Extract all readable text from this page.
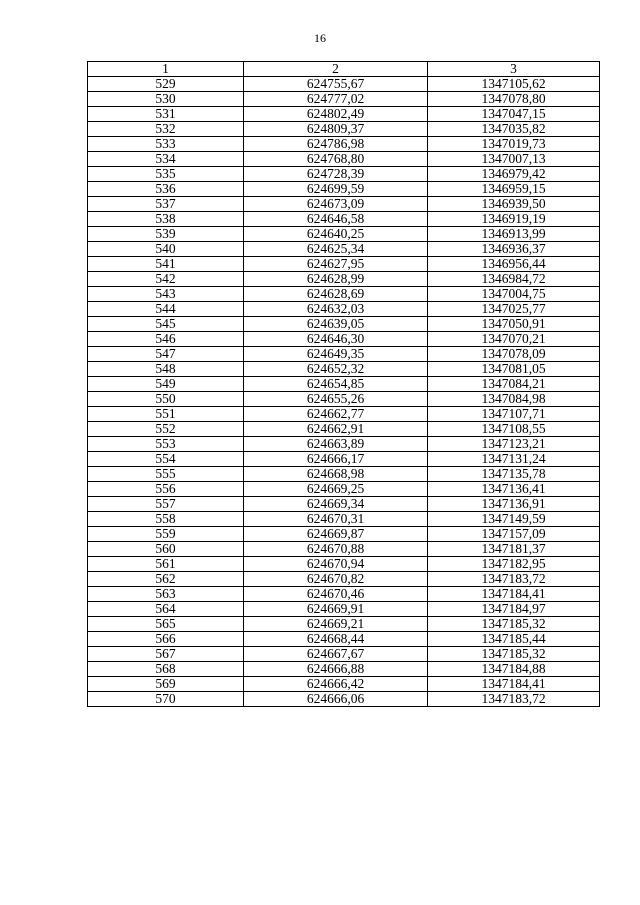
16
1	2	3
529	624755,67	1347105,62
530	624777,02	1347078,80
531	624802,49	1347047,15
532	624809,37	1347035,82
533	624786,98	1347019,73
534	624768,80	1347007,13
535	624728,39	1346979,42
536	624699,59	1346959,15
537	624673,09	1346939,50
538	624646,58	1346919,19
539	624640,25	1346913,99
540	624625,34	1346936,37
541	624627,95	1346956,44
542	624628,99	1346984,72
543	624628,69	1347004,75
544	624632,03	1347025,77
545	624639,05	1347050,91
546	624646,30	1347070,21
547	624649,35	1347078,09
548	624652,32	1347081,05
549	624654,85	1347084,21
550	624655,26	1347084,98
551	624662,77	1347107,71
552	624662,91	1347108,55
553	624663,89	1347123,21
554	624666,17	1347131,24
555	624668,98	1347135,78
556	624669,25	1347136,41
557	624669,34	1347136,91
558	624670,31	1347149,59
559	624669,87	1347157,09
560	624670,88	1347181,37
561	624670,94	1347182,95
562	624670,82	1347183,72
563	624670,46	1347184,41
564	624669,91	1347184,97
565	624669,21	1347185,32
566	624668,44	1347185,44
567	624667,67	1347185,32
568	624666,88	1347184,88
569	624666,42	1347184,41
570	624666,06	1347183,72
